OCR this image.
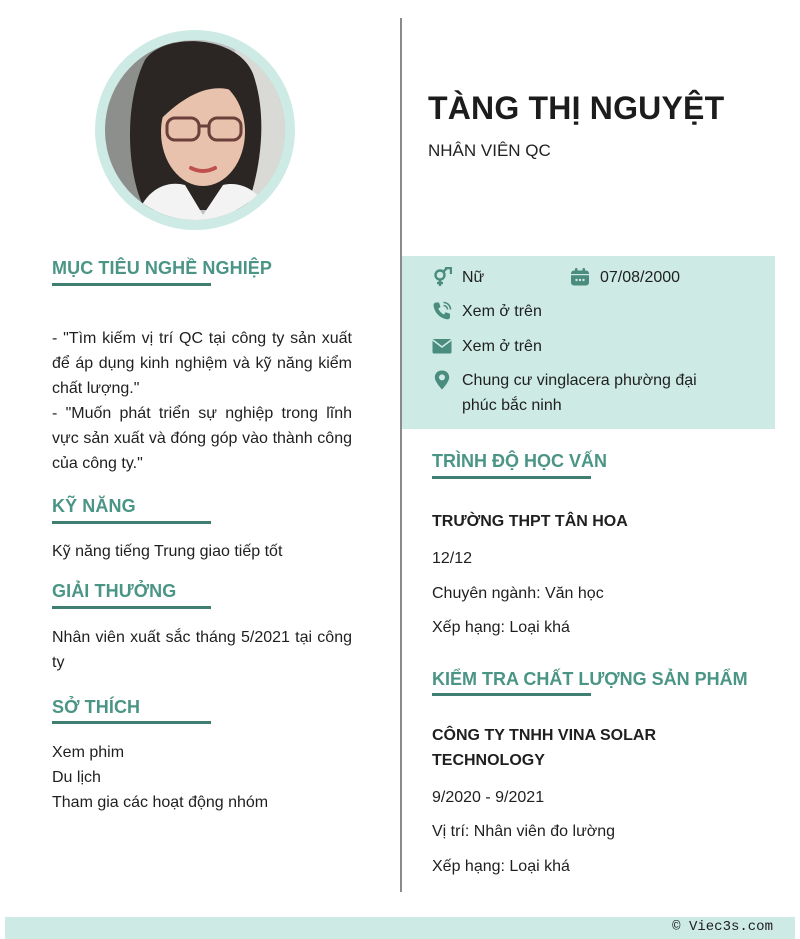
MỤC TIÊU NGHỀ NGHIỆP

- "Tìm kiếm vị trí QC tại công ty sản xuất để áp dụng kinh nghiệm và kỹ năng kiểm chất lượng."

- "Muốn phát triển sự nghiệp trong lĩnh vực sản xuất và đóng góp vào thành công của công ty."

KỸ NĂNG
Kỹ năng tiếng Trung giao tiếp tốt
GIẢI THƯỞNG
Nhân viên xuất sắc tháng 5/2021 tại công ty
SỞ THÍCH
Xem phim
Du lịch
Tham gia các hoạt động nhóm
TÀNG THỊ NGUYỆT
NHÂN VIÊN QC
Nữ	07/08/2000
Xem ở trên
Xem ở trên
Chung cư vinglacera phường đại phúc bắc ninh
TRÌNH ĐỘ HỌC VẤN
TRƯỜNG THPT TÂN HOA
12/12
Chuyên ngành: Văn học
Xếp hạng: Loại khá
KIỂM TRA CHẤT LƯỢNG SẢN PHẨM
CÔNG TY TNHH VINA SOLAR TECHNOLOGY
9/2020 - 9/2021
Vị trí: Nhân viên đo lường
Xếp hạng: Loại khá
© Viec3s.com
